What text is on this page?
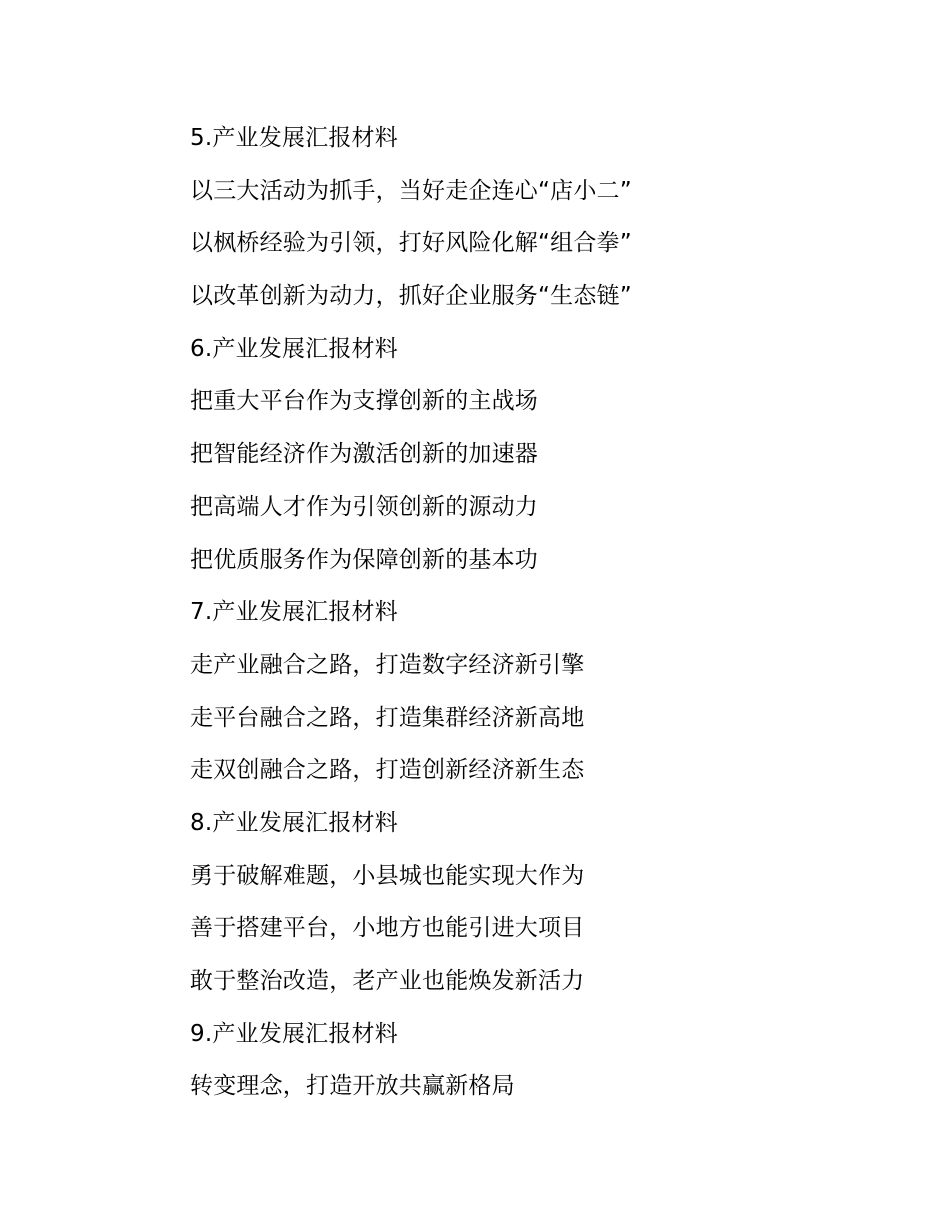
5.产业发展汇报材料
以三大活动为抓手，当好走企连心“店小二”
以枫桥经验为引领，打好风险化解“组合拳”
以改革创新为动力，抓好企业服务“生态链”
6.产业发展汇报材料
把重大平台作为支撑创新的主战场
把智能经济作为激活创新的加速器
把高端人才作为引领创新的源动力
把优质服务作为保障创新的基本功
7.产业发展汇报材料
走产业融合之路，打造数字经济新引擎
走平台融合之路，打造集群经济新高地
走双创融合之路，打造创新经济新生态
8.产业发展汇报材料
勇于破解难题，小县城也能实现大作为
善于搭建平台，小地方也能引进大项目
敢于整治改造，老产业也能焕发新活力
9.产业发展汇报材料
转变理念，打造开放共赢新格局
